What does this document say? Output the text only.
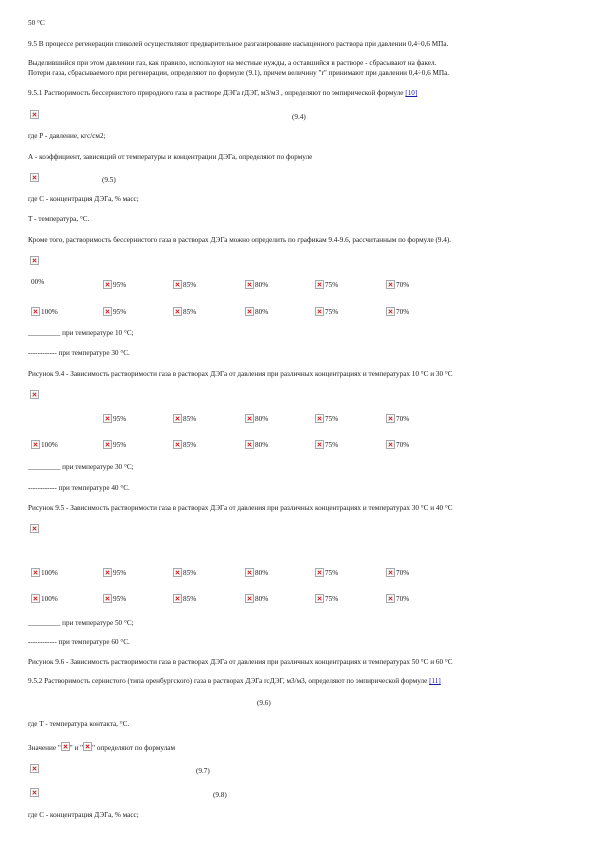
50 °С
9.5 В процессе регенерации гликолей осуществляют предварительное разгазирование насыщенного раствора при давлении 0,4÷0,6 МПа.
Выделившийся при этом давлении газ, как правило, используют на местные нужды, а оставшийся в растворе - сбрасывают на факел.
Потери газа, сбрасываемого при регенерации, определяют по формуле (9.1), причем величину "r" принимают при давлении 0,4÷0,6 МПа.
9.5.1 Растворимость бессернистого природного газа в растворе ДЭГа rДЭГ, м3/м3 , определяют по эмпирической формуле [10]
(9.4)
где Р - давление, кгс/см2;
А - коэффициент, зависящий от температуры и концентрации ДЭГа, определяют по формуле
(9.5)
где С - концентрация ДЭГа, % масс;
Т - температура, °С.
Кроме того, растворимость бессернистого газа в растворах ДЭГа можно определить по графикам 9.4-9.6, рассчитанным по формуле (9.4).
00%	95%	85%	80%	75%	70%
100%	95%	85%	80%	75%	70%
_________ при температуре 10 °С;
------------ при температуре 30 °С.
Рисунок 9.4 - Зависимость растворимости газа в растворах ДЭГа от давления при различных концентрациях и температурах 10 °С и 30 °С
95%	85%	80%	75%	70%
100%	95%	85%	80%	75%	70%
_________ при температуре 30 °С;
------------ при температуре 40 °С.
Рисунок 9.5 - Зависимость растворимости газа в растворах ДЭГа от давления при различных концентрациях и температурах 30 °С и 40 °С
100%	95%	85%	80%	75%	70%
100%	95%	85%	80%	75%	70%
_________ при температуре 50 °С;
------------ при температуре 60 °С.
Рисунок 9.6 - Зависимость растворимости газа в растворах ДЭГа от давления при различных концентрациях и температурах 50 °С и 60 °С
9.5.2 Растворимость сернистого (типа оренбургского) газа в растворах ДЭГа rсДЭГ, м3/м3, определяют по эмпирической формуле [11]
(9.6)
где Т - температура контакта, °С.
Значение " " и " " определяют по формулам
(9.7)
(9.8)
где С - концентрация ДЭГа, % масс;
